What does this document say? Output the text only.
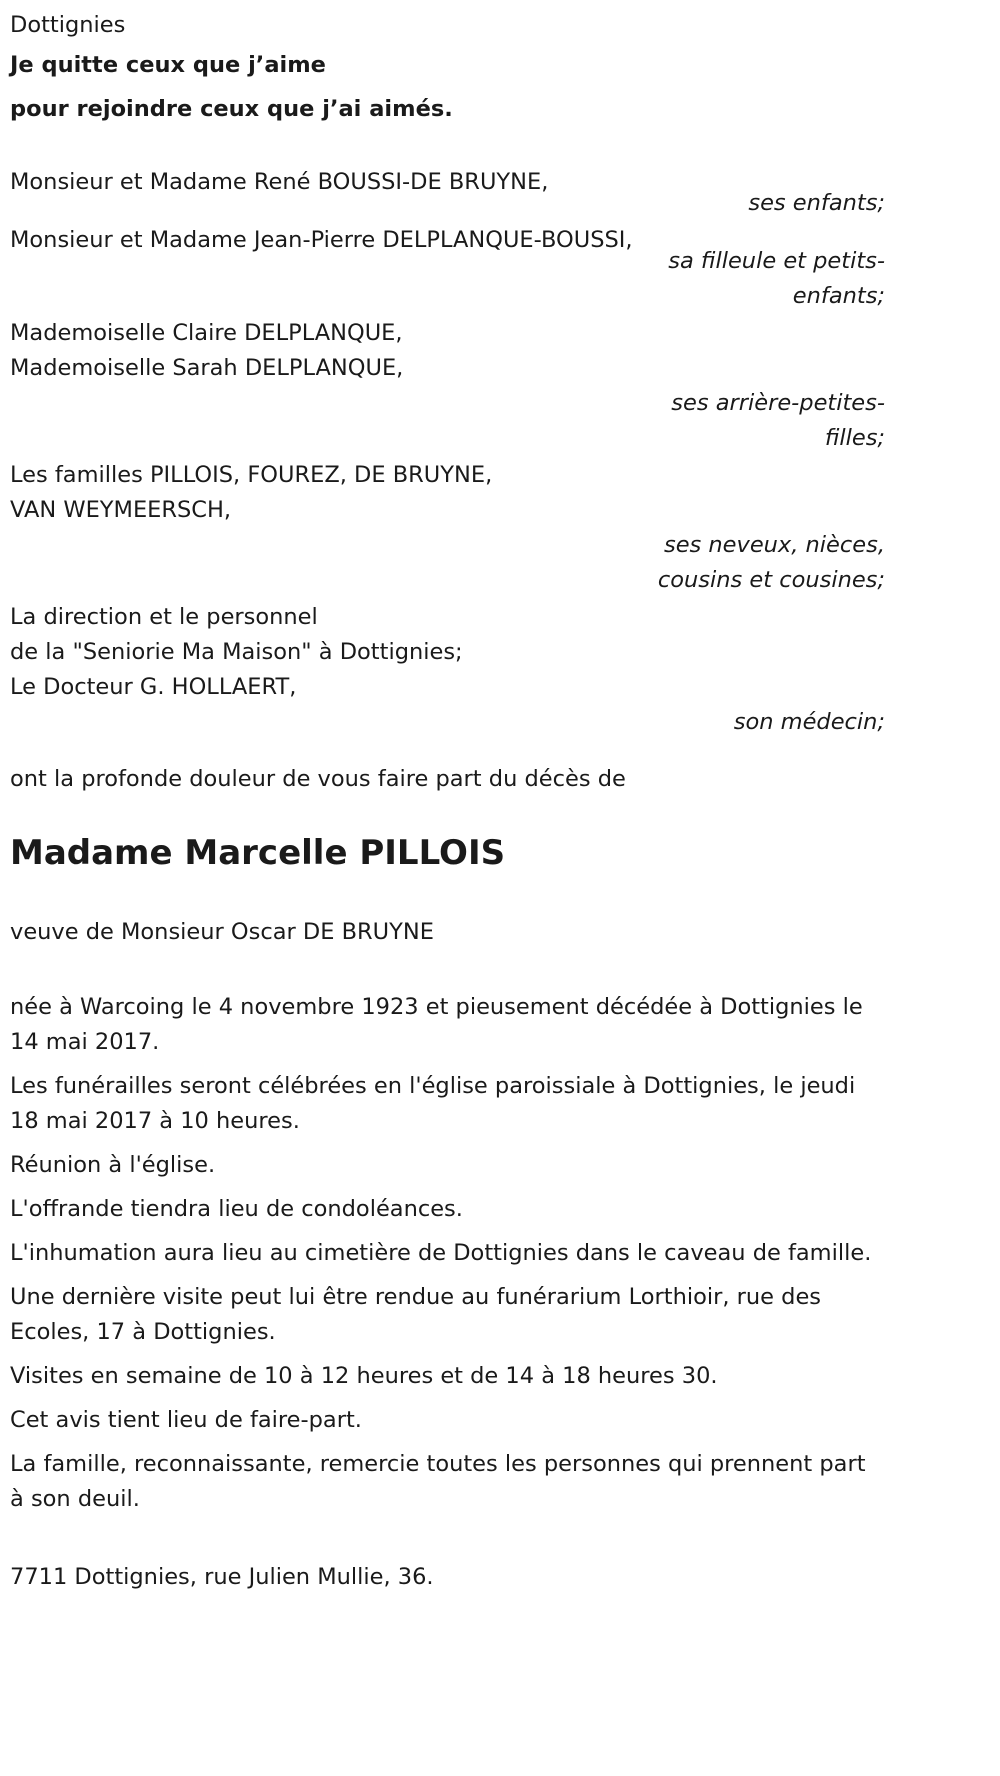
Dottignies
Je quitte ceux que j’aime
pour rejoindre ceux que j’ai aimés.
Monsieur et Madame René BOUSSI-DE BRUYNE,
ses enfants;
Monsieur et Madame Jean-Pierre DELPLANQUE-BOUSSI,
sa filleule et petits-enfants;
Mademoiselle Claire DELPLANQUE,
Mademoiselle Sarah DELPLANQUE,
ses arrière-petites-filles;
Les familles PILLOIS, FOUREZ, DE BRUYNE,
VAN WEYMEERSCH,
ses neveux, nièces, cousins et cousines;
La direction et le personnel
de la "Seniorie Ma Maison" à Dottignies;
Le Docteur G. HOLLAERT,
son médecin;
ont la profonde douleur de vous faire part du décès de
Madame Marcelle PILLOIS
veuve de Monsieur Oscar DE BRUYNE
née à Warcoing le 4 novembre 1923 et pieusement décédée à Dottignies le 14 mai 2017.
Les funérailles seront célébrées en l'église paroissiale à Dottignies, le jeudi 18 mai 2017 à 10 heures.
Réunion à l'église.
L'offrande tiendra lieu de condoléances.
L'inhumation aura lieu au cimetière de Dottignies dans le caveau de famille.
Une dernière visite peut lui être rendue au funérarium Lorthioir, rue des Ecoles, 17 à Dottignies.
Visites en semaine de 10 à 12 heures et de 14 à 18 heures 30.
Cet avis tient lieu de faire-part.
La famille, reconnaissante, remercie toutes les personnes qui prennent part à son deuil.
7711 Dottignies, rue Julien Mullie, 36.
